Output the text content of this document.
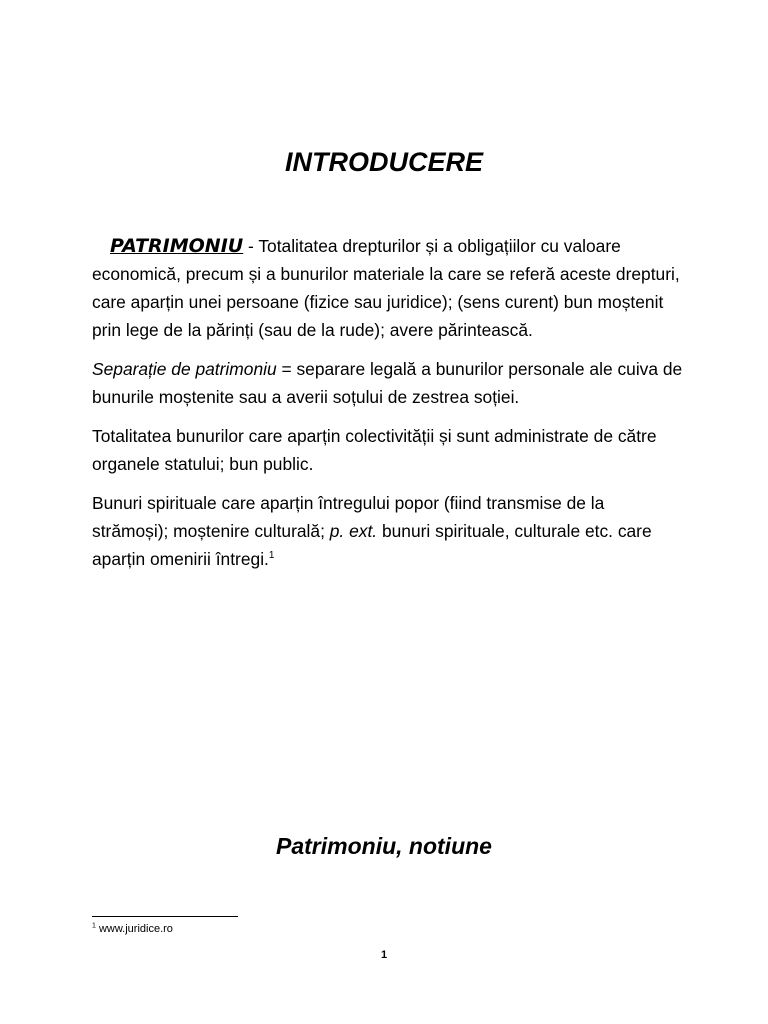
INTRODUCERE

PATRIMONIU - Totalitatea drepturilor și a obligațiilor cu valoare economică, precum și a bunurilor materiale la care se referă aceste drepturi, care aparțin unei persoane (fizice sau juridice); (sens curent) bun moștenit prin lege de la părinți (sau de la rude); avere părintească.

Separație de patrimoniu = separare legală a bunurilor personale ale cuiva de bunurile moștenite sau a averii soțului de zestrea soției.

Totalitatea bunurilor care aparțin colectivității și sunt administrate de către organele statului; bun public.

Bunuri spirituale care aparțin întregului popor (fiind transmise de la strămoși); moștenire culturală; p. ext. bunuri spirituale, culturale etc. care aparțin omenirii întregi.$^1$

Patrimoniu, notiune
$^1$ www.juridice.ro
1
